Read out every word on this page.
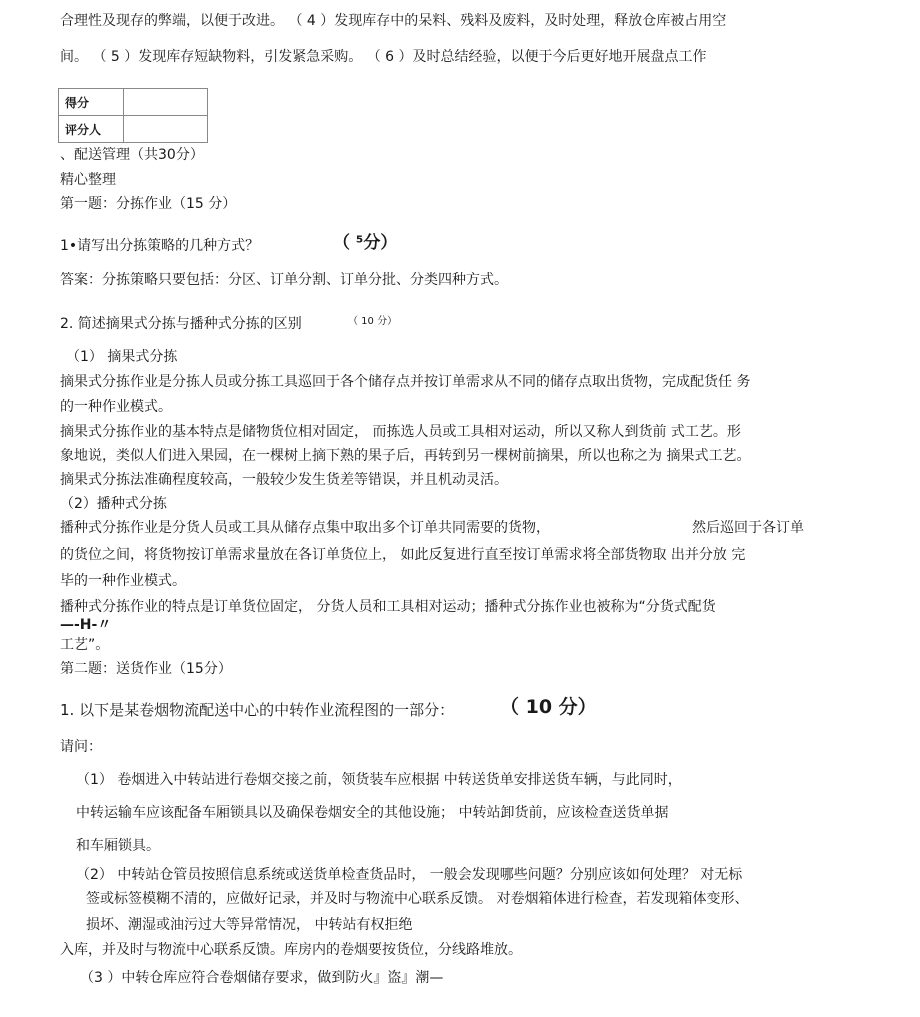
合理性及现存的弊端，以便于改进。 （ 4 ）发现库存中的呆料、残料及废料，及时处理，释放仓库被占用空
间。 （ 5 ）发现库存短缺物料，引发紧急采购。 （ 6 ）及时总结经验，以便于今后更好地开展盘点工作
得分	
评分人	
、配送管理（共30分）
精心整理
第一题：分拣作业（15 分）
1•请写出分拣策略的几种方式？	（ ⁵分）
答案：分拣策略只要包括：分区、订单分割、订单分批、分类四种方式。
2. 简述摘果式分拣与播种式分拣的区别	（ 10 分）
（1） 摘果式分拣
摘果式分拣作业是分拣人员或分拣工具巡回于各个储存点并按订单需求从不同的储存点取出货物，完成配货任 务
的一种作业模式。
摘果式分拣作业的基本特点是储物货位相对固定， 而拣选人员或工具相对运动，所以又称人到货前 式工艺。形
象地说，类似人们进入果园，在一棵树上摘下熟的果子后，再转到另一棵树前摘果，所以也称之为 摘果式工艺。
摘果式分拣法准确程度较高，一般较少发生货差等错误，并且机动灵活。
（2）播种式分拣
播种式分拣作业是分货人员或工具从储存点集中取出多个订单共同需要的货物，	然后巡回于各订单
的货位之间，将货物按订单需求量放在各订单货位上， 如此反复进行直至按订单需求将全部货物取 出并分放 完
毕的一种作业模式。
播种式分拣作业的特点是订单货位固定， 分货人员和工具相对运动；播种式分拣作业也被称为“分货式配货
—-H-〃
工艺”。
第二题：送货作业（15分）
1. 以下是某卷烟物流配送中心的中转作业流程图的一部分： （ 10 分）
请问：
（1） 卷烟进入中转站进行卷烟交接之前，领货装车应根据 中转送货单安排送货车辆，与此同时，
中转运输车应该配备车厢锁具以及确保卷烟安全的其他设施； 中转站卸货前，应该检查送货单据
和车厢锁具。
（2） 中转站仓管员按照信息系统或送货单检查货品时， 一般会发现哪些问题？分别应该如何处理？ 对无标
签或标签模糊不清的，应做好记录，并及时与物流中心联系反馈。 对卷烟箱体进行检查，若发现箱体变形、
损坏、潮湿或油污过大等异常情况， 中转站有权拒绝
入库，并及时与物流中心联系反馈。库房内的卷烟要按货位，分线路堆放。
（3 ）中转仓库应符合卷烟储存要求，做到防火』盗』潮—
